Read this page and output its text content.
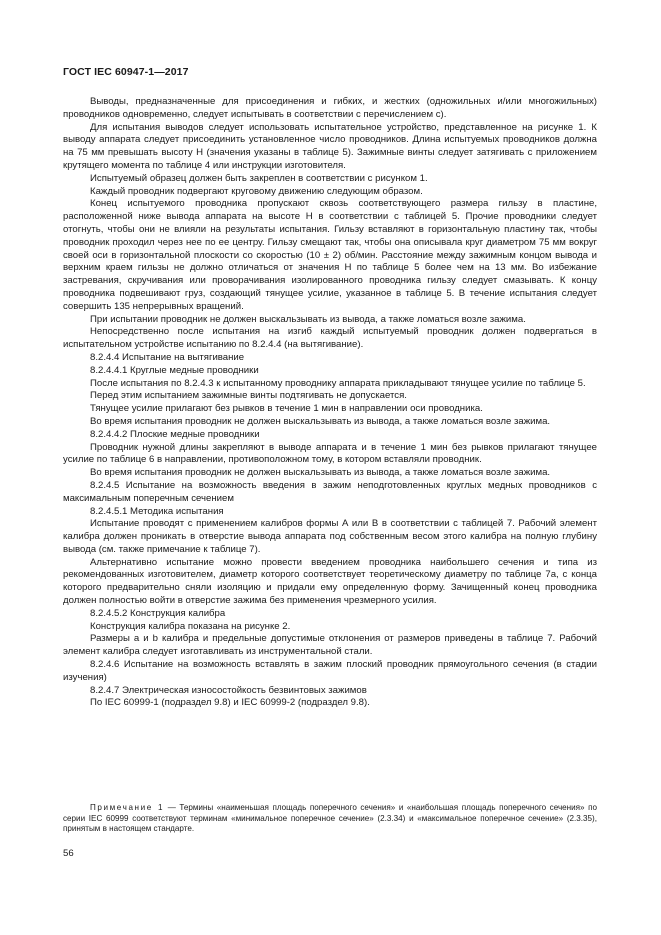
ГОСТ IEC 60947-1—2017

Выводы, предназначенные для присоединения и гибких, и жестких (одножильных и/или многожильных) проводников одновременно, следует испытывать в соответствии с перечислением с).

Для испытания выводов следует использовать испытательное устройство, представленное на рисунке 1. К выводу аппарата следует присоединить установленное число проводников. Длина испытуемых проводников должна на 75 мм превышать высоту Н (значения указаны в таблице 5). Зажимные винты следует затягивать с приложением крутящего момента по таблице 4 или инструкции изготовителя.

Испытуемый образец должен быть закреплен в соответствии с рисунком 1.

Каждый проводник подвергают круговому движению следующим образом.

Конец испытуемого проводника пропускают сквозь соответствующего размера гильзу в пластине, расположенной ниже вывода аппарата на высоте Н в соответствии с таблицей 5. Прочие проводники следует отогнуть, чтобы они не влияли на результаты испытания. Гильзу вставляют в горизонтальную пластину так, чтобы проводник проходил через нее по ее центру. Гильзу смещают так, чтобы она описывала круг диаметром 75 мм вокруг своей оси в горизонтальной плоскости со скоростью (10 ± 2) об/мин. Расстояние между зажимным концом вывода и верхним краем гильзы не должно отличаться от значения Н по таблице 5 более чем на 13 мм. Во избежание застревания, скручивания или проворачивания изолированного проводника гильзу следует смазывать. К концу проводника подвешивают груз, создающий тянущее усилие, указанное в таблице 5. В течение испытания следует совершить 135 непрерывных вращений.

При испытании проводник не должен выскальзывать из вывода, а также ломаться возле зажима.

Непосредственно после испытания на изгиб каждый испытуемый проводник должен подвергаться в испытательном устройстве испытанию по 8.2.4.4 (на вытягивание).

8.2.4.4 Испытание на вытягивание

8.2.4.4.1 Круглые медные проводники

После испытания по 8.2.4.3 к испытанному проводнику аппарата прикладывают тянущее усилие по таблице 5.

Перед этим испытанием зажимные винты подтягивать не допускается.

Тянущее усилие прилагают без рывков в течение 1 мин в направлении оси проводника.

Во время испытания проводник не должен выскальзывать из вывода, а также ломаться возле зажима.

8.2.4.4.2 Плоские медные проводники

Проводник нужной длины закрепляют в выводе аппарата и в течение 1 мин без рывков прилагают тянущее усилие по таблице 6 в направлении, противоположном тому, в котором вставляли проводник.

Во время испытания проводник не должен выскальзывать из вывода, а также ломаться возле зажима.

8.2.4.5 Испытание на возможность введения в зажим неподготовленных круглых медных проводников с максимальным поперечным сечением

8.2.4.5.1 Методика испытания

Испытание проводят с применением калибров формы А или В в соответствии с таблицей 7. Рабочий элемент калибра должен проникать в отверстие вывода аппарата под собственным весом этого калибра на полную глубину вывода (см. также примечание к таблице 7).

Альтернативно испытание можно провести введением проводника наибольшего сечения и типа из рекомендованных изготовителем, диаметр которого соответствует теоретическому диаметру по таблице 7а, с конца которого предварительно сняли изоляцию и придали ему определенную форму. Зачищенный конец проводника должен полностью войти в отверстие зажима без применения чрезмерного усилия.

8.2.4.5.2 Конструкция калибра

Конструкция калибра показана на рисунке 2.

Размеры a и b калибра и предельные допустимые отклонения от размеров приведены в таблице 7. Рабочий элемент калибра следует изготавливать из инструментальной стали.

8.2.4.6 Испытание на возможность вставлять в зажим плоский проводник прямоугольного сечения (в стадии изучения)

8.2.4.7 Электрическая износостойкость безвинтовых зажимов

По IEC 60999-1 (подраздел 9.8) и IEC 60999-2 (подраздел 9.8).

Примечание 1 — Термины «наименьшая площадь поперечного сечения» и «наибольшая площадь поперечного сечения» по серии IEC 60999 соответствуют терминам «минимальное поперечное сечение» (2.3.34) и «максимальное поперечное сечение» (2.3.35), принятым в настоящем стандарте.

56
